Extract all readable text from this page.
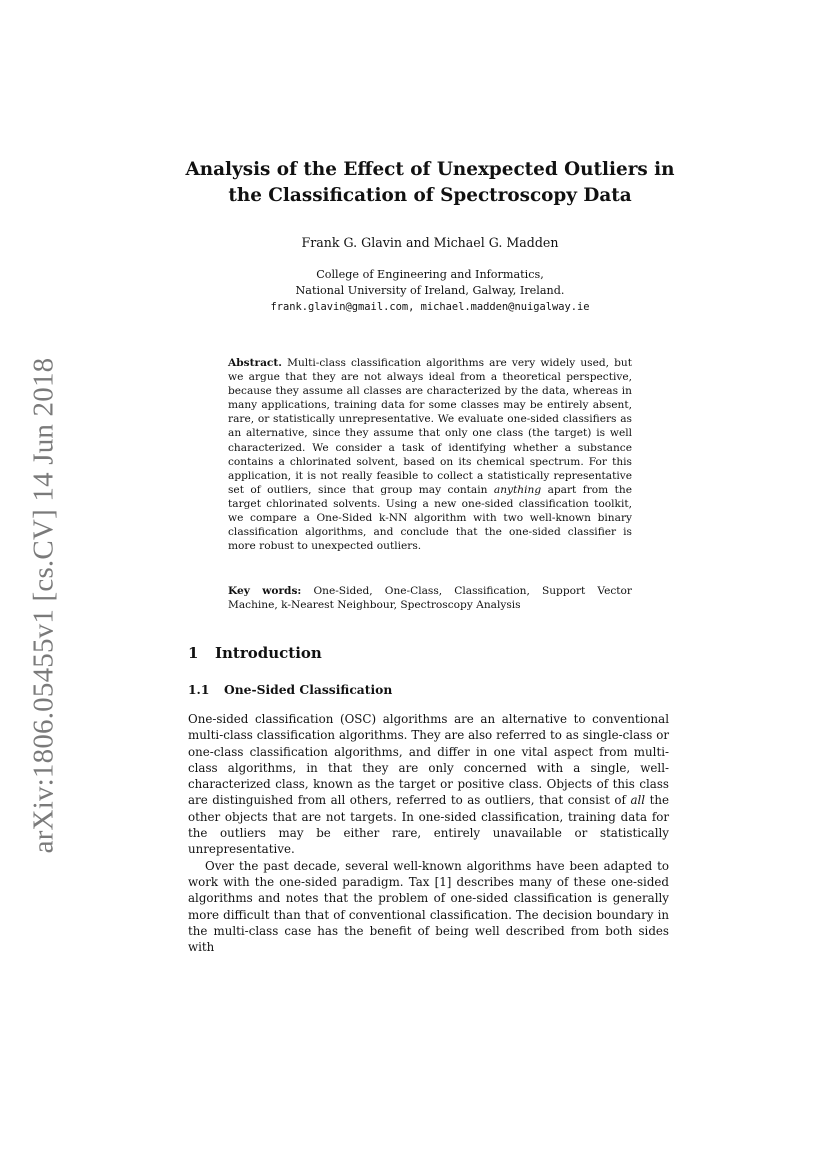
arXiv:1806.05455v1 [cs.CV] 14 Jun 2018
Analysis of the Effect of Unexpected Outliers in
the Classification of Spectroscopy Data
Frank G. Glavin and Michael G. Madden
College of Engineering and Informatics,
National University of Ireland, Galway, Ireland.
frank.glavin@gmail.com, michael.madden@nuigalway.ie
Abstract. Multi-class classification algorithms are very widely used, but we argue that they are not always ideal from a theoretical perspective, because they assume all classes are characterized by the data, whereas in many applications, training data for some classes may be entirely absent, rare, or statistically unrepresentative. We evaluate one-sided classifiers as an alternative, since they assume that only one class (the target) is well characterized. We consider a task of identifying whether a substance contains a chlorinated solvent, based on its chemical spectrum. For this application, it is not really feasible to collect a statistically representative set of outliers, since that group may contain anything apart from the target chlorinated solvents. Using a new one-sided classification toolkit, we compare a One-Sided k-NN algorithm with two well-known binary classification algorithms, and conclude that the one-sided classifier is more robust to unexpected outliers.
Key words: One-Sided, One-Class, Classification, Support Vector Machine, k-Nearest Neighbour, Spectroscopy Analysis
1 Introduction
1.1 One-Sided Classification

One-sided classification (OSC) algorithms are an alternative to conventional multi-class classification algorithms. They are also referred to as single-class or one-class classification algorithms, and differ in one vital aspect from multi-class algorithms, in that they are only concerned with a single, well-characterized class, known as the target or positive class. Objects of this class are distinguished from all others, referred to as outliers, that consist of all the other objects that are not targets. In one-sided classification, training data for the outliers may be either rare, entirely unavailable or statistically unrepresentative.

Over the past decade, several well-known algorithms have been adapted to work with the one-sided paradigm. Tax [1] describes many of these one-sided algorithms and notes that the problem of one-sided classification is generally more difficult than that of conventional classification. The decision boundary in the multi-class case has the benefit of being well described from both sides with
